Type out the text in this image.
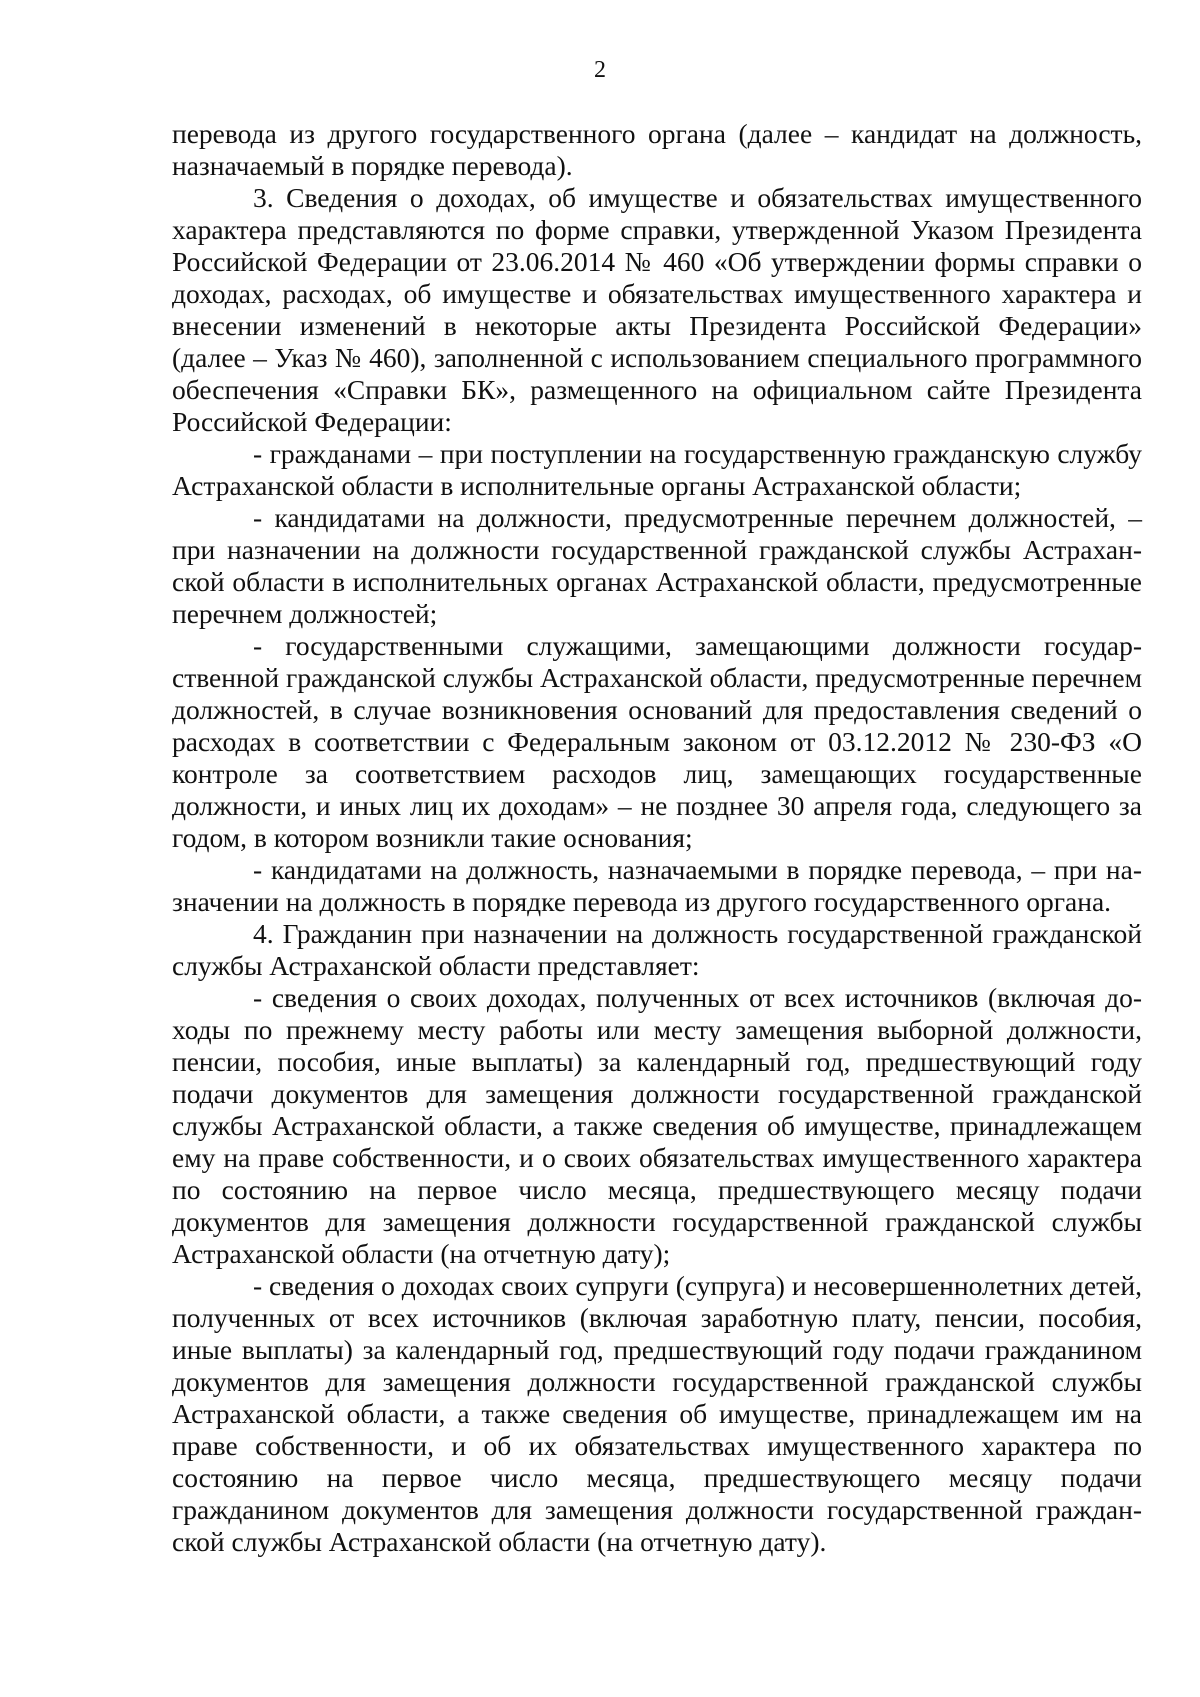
2

перевода из другого государственного органа (далее – кандидат на должность, назначаемый в порядке перевода).

3. Сведения о доходах, об имуществе и обязательствах имущественного характера представляются по форме справки, утвержденной Указом Президента Российской Федерации от 23.06.2014 № 460 «Об утверждении формы справки о доходах, расходах, об имуществе и обязательствах имущественного характера и внесении изменений в некоторые акты Президента Российской Федерации» (далее – Указ № 460), заполненной с использованием специального программного обеспечения «Справки БК», размещенного на официальном сайте Президента Российской Федерации:

- гражданами – при поступлении на государственную гражданскую службу Астраханской области в исполнительные органы Астраханской области;

- кандидатами на должности, предусмотренные перечнем должностей, – при назначении на должности государственной гражданской службы Астраханской области в исполнительных органах Астраханской области, предусмотренные перечнем должностей;

- государственными служащими, замещающими должности государственной гражданской службы Астраханской области, предусмотренные перечнем должностей, в случае возникновения оснований для предоставления сведений о расходах в соответствии с Федеральным законом от 03.12.2012 № 230-ФЗ «О контроле за соответствием расходов лиц, замещающих государственные должности, и иных лиц их доходам» – не позднее 30 апреля года, следующего за годом, в котором возникли такие основания;

- кандидатами на должность, назначаемыми в порядке перевода, – при назначении на должность в порядке перевода из другого государственного органа.

4. Гражданин при назначении на должность государственной гражданской службы Астраханской области представляет:

- сведения о своих доходах, полученных от всех источников (включая доходы по прежнему месту работы или месту замещения выборной должности, пенсии, пособия, иные выплаты) за календарный год, предшествующий году подачи документов для замещения должности государственной гражданской службы Астраханской области, а также сведения об имуществе, принадлежащем ему на праве собственности, и о своих обязательствах имущественного характера по состоянию на первое число месяца, предшествующего месяцу подачи документов для замещения должности государственной гражданской службы Астраханской области (на отчетную дату);

- сведения о доходах своих супруги (супруга) и несовершеннолетних детей, полученных от всех источников (включая заработную плату, пенсии, пособия, иные выплаты) за календарный год, предшествующий году подачи гражданином документов для замещения должности государственной гражданской службы Астраханской области, а также сведения об имуществе, принадлежащем им на праве собственности, и об их обязательствах имущественного характера по состоянию на первое число месяца, предшествующего месяцу подачи гражданином документов для замещения должности государственной гражданской службы Астраханской области (на отчетную дату).
